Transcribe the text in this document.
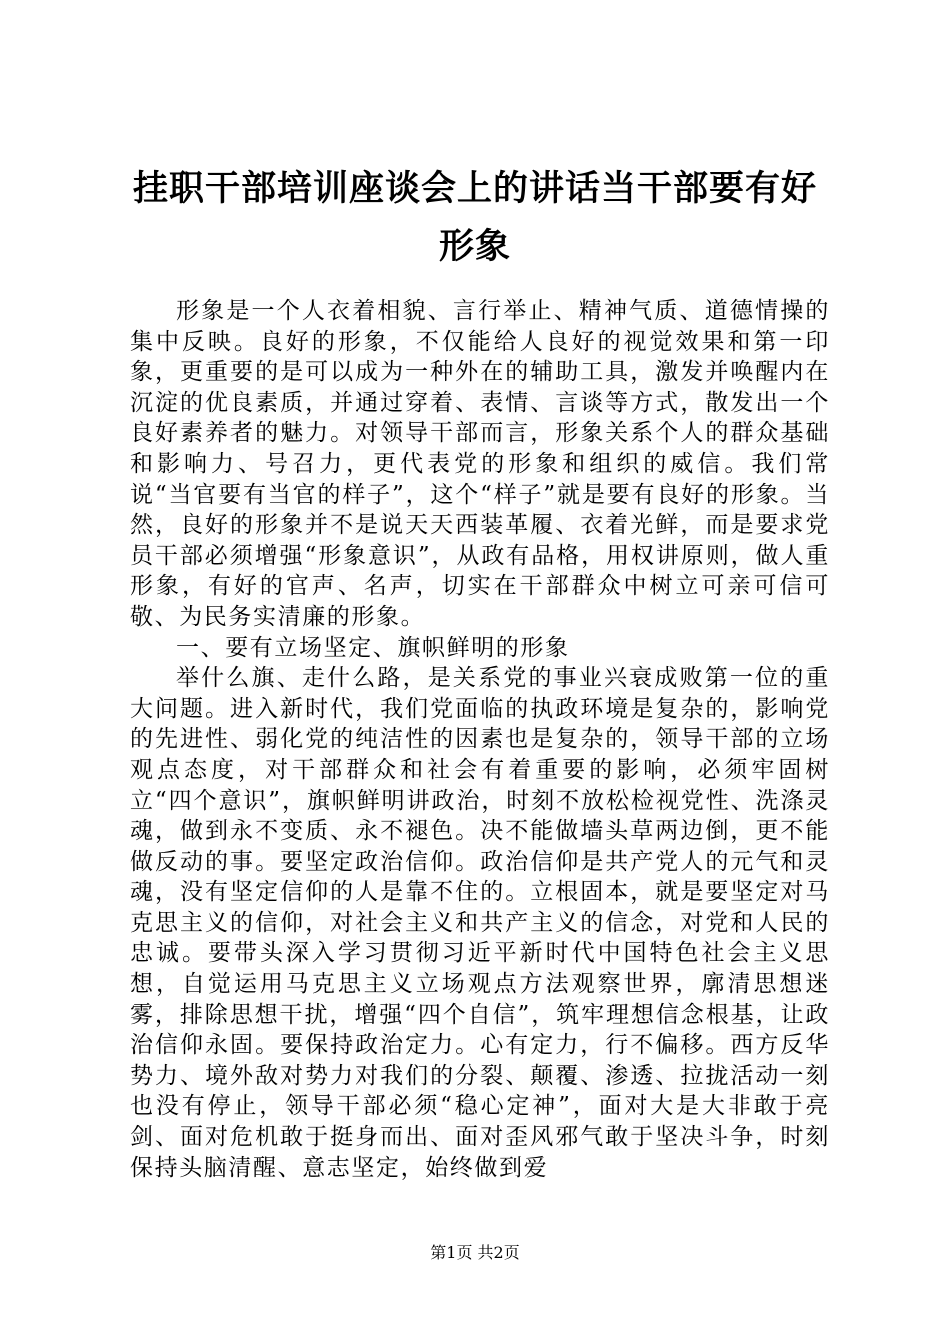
挂职干部培训座谈会上的讲话当干部要有好形象

形象是一个人衣着相貌、言行举止、精神气质、道德情操的集中反映。良好的形象，不仅能给人良好的视觉效果和第一印象，更重要的是可以成为一种外在的辅助工具，激发并唤醒内在沉淀的优良素质，并通过穿着、表情、言谈等方式，散发出一个良好素养者的魅力。对领导干部而言，形象关系个人的群众基础和影响力、号召力，更代表党的形象和组织的威信。我们常说“当官要有当官的样子”，这个“样子”就是要有良好的形象。当然，良好的形象并不是说天天西装革履、衣着光鲜，而是要求党员干部必须增强“形象意识”，从政有品格，用权讲原则，做人重形象，有好的官声、名声，切实在干部群众中树立可亲可信可敬、为民务实清廉的形象。

一、要有立场坚定、旗帜鲜明的形象

举什么旗、走什么路，是关系党的事业兴衰成败第一位的重大问题。进入新时代，我们党面临的执政环境是复杂的，影响党的先进性、弱化党的纯洁性的因素也是复杂的，领导干部的立场观点态度，对干部群众和社会有着重要的影响，必须牢固树立“四个意识”，旗帜鲜明讲政治，时刻不放松检视党性、洗涤灵魂，做到永不变质、永不褪色。决不能做墙头草两边倒，更不能做反动的事。要坚定政治信仰。政治信仰是共产党人的元气和灵魂，没有坚定信仰的人是靠不住的。立根固本，就是要坚定对马克思主义的信仰，对社会主义和共产主义的信念，对党和人民的忠诚。要带头深入学习贯彻习近平新时代中国特色社会主义思想，自觉运用马克思主义立场观点方法观察世界，廓清思想迷雾，排除思想干扰，增强“四个自信”，筑牢理想信念根基，让政治信仰永固。要保持政治定力。心有定力，行不偏移。西方反华势力、境外敌对势力对我们的分裂、颠覆、渗透、拉拢活动一刻也没有停止，领导干部必须“稳心定神”，面对大是大非敢于亮剑、面对危机敢于挺身而出、面对歪风邪气敢于坚决斗争，时刻保持头脑清醒、意志坚定，始终做到爱

第1页 共2页
